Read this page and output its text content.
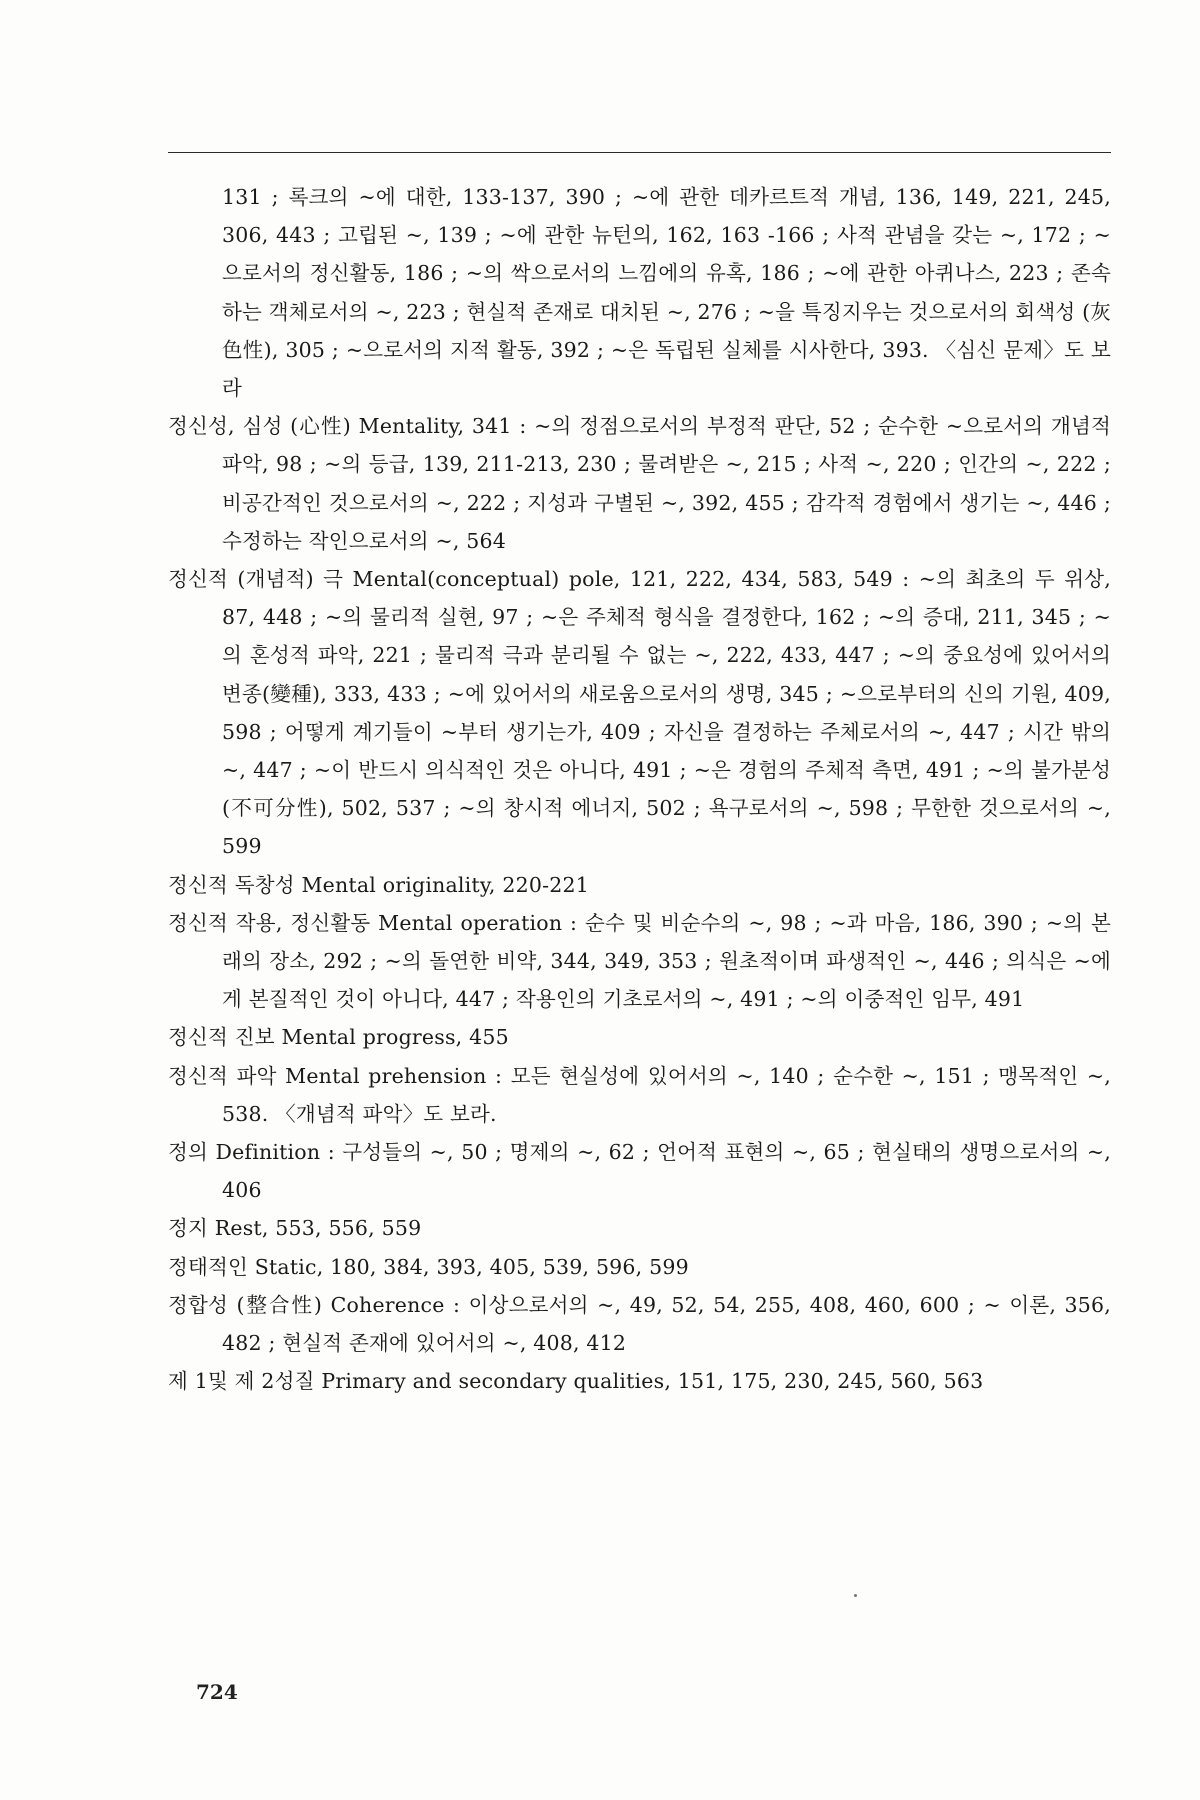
131 ; 록크의 ~에 대한, 133-137, 390 ; ~에 관한 데카르트적 개념, 136, 149, 221, 245, 306, 443 ; 고립된 ~, 139 ; ~에 관한 뉴턴의, 162, 163 -166 ; 사적 관념을 갖는 ~, 172 ; ~으로서의 정신활동, 186 ; ~의 싹으로서의 느낌에의 유혹, 186 ; ~에 관한 아퀴나스, 223 ; 존속하는 객체로서의 ~, 223 ; 현실적 존재로 대치된 ~, 276 ; ~을 특징지우는 것으로서의 회색성 (灰色性), 305 ; ~으로서의 지적 활동, 392 ; ~은 독립된 실체를 시사한다, 393. 〈심신 문제〉도 보라

정신성, 심성 (心性) Mentality, 341 : ~의 정점으로서의 부정적 판단, 52 ; 순수한 ~으로서의 개념적 파악, 98 ; ~의 등급, 139, 211-213, 230 ; 물려받은 ~, 215 ; 사적 ~, 220 ; 인간의 ~, 222 ; 비공간적인 것으로서의 ~, 222 ; 지성과 구별된 ~, 392, 455 ; 감각적 경험에서 생기는 ~, 446 ; 수정하는 작인으로서의 ~, 564

정신적 (개념적) 극 Mental(conceptual) pole, 121, 222, 434, 583, 549 : ~의 최초의 두 위상, 87, 448 ; ~의 물리적 실현, 97 ; ~은 주체적 형식을 결정한다, 162 ; ~의 증대, 211, 345 ; ~의 혼성적 파악, 221 ; 물리적 극과 분리될 수 없는 ~, 222, 433, 447 ; ~의 중요성에 있어서의 변종(變種), 333, 433 ; ~에 있어서의 새로움으로서의 생명, 345 ; ~으로부터의 신의 기원, 409, 598 ; 어떻게 계기들이 ~부터 생기는가, 409 ; 자신을 결정하는 주체로서의 ~, 447 ; 시간 밖의 ~, 447 ; ~이 반드시 의식적인 것은 아니다, 491 ; ~은 경험의 주체적 측면, 491 ; ~의 불가분성 (不可分性), 502, 537 ; ~의 창시적 에너지, 502 ; 욕구로서의 ~, 598 ; 무한한 것으로서의 ~, 599

정신적 독창성 Mental originality, 220-221

정신적 작용, 정신활동 Mental operation : 순수 및 비순수의 ~, 98 ; ~과 마음, 186, 390 ; ~의 본래의 장소, 292 ; ~의 돌연한 비약, 344, 349, 353 ; 원초적이며 파생적인 ~, 446 ; 의식은 ~에게 본질적인 것이 아니다, 447 ; 작용인의 기초로서의 ~, 491 ; ~의 이중적인 임무, 491

정신적 진보 Mental progress, 455

정신적 파악 Mental prehension : 모든 현실성에 있어서의 ~, 140 ; 순수한 ~, 151 ; 맹목적인 ~, 538. 〈개념적 파악〉도 보라.

정의 Definition : 구성들의 ~, 50 ; 명제의 ~, 62 ; 언어적 표현의 ~, 65 ; 현실태의 생명으로서의 ~, 406

정지 Rest, 553, 556, 559

정태적인 Static, 180, 384, 393, 405, 539, 596, 599

정합성 (整合性) Coherence : 이상으로서의 ~, 49, 52, 54, 255, 408, 460, 600 ; ~ 이론, 356, 482 ; 현실적 존재에 있어서의 ~, 408, 412

제 1및 제 2성질 Primary and secondary qualities, 151, 175, 230, 245, 560, 563

724
